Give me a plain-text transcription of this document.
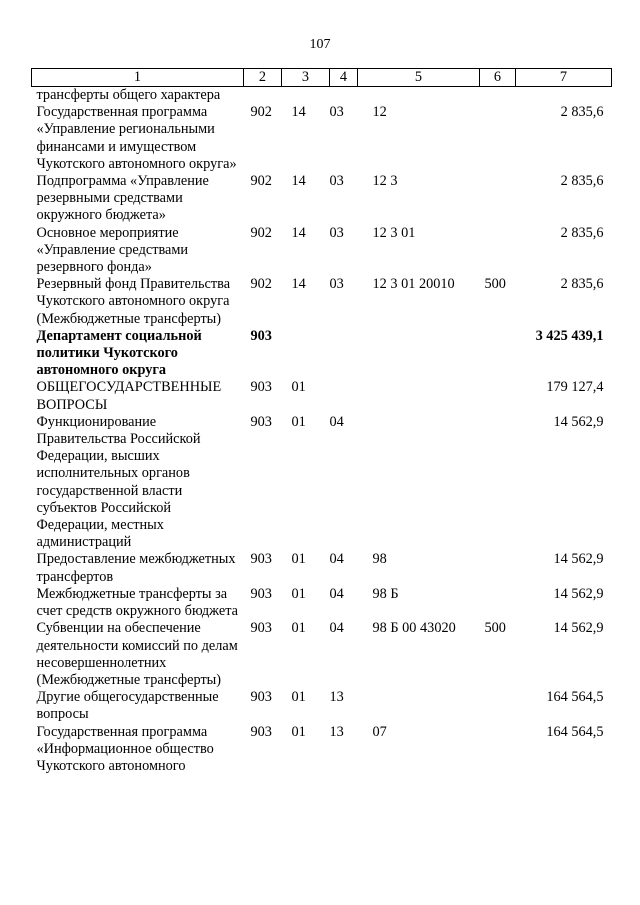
107
1	2	3	4	5	6	7
трансферты общего характера						
Государственная программа «Управление региональными финансами и имуществом Чукотского автономного округа»	902	14	03	12		2 835,6
Подпрограмма «Управление резервными средствами окружного бюджета»	902	14	03	12 3		2 835,6
Основное мероприятие «Управление средствами резервного фонда»	902	14	03	12 3 01		2 835,6
Резервный фонд Правительства Чукотского автономного округа (Межбюджетные трансферты)	902	14	03	12 3 01 20010	500	2 835,6
Департамент социальной политики Чукотского автономного округа	903					3 425 439,1
ОБЩЕГОСУДАРСТВЕННЫЕ ВОПРОСЫ	903	01				179 127,4
Функционирование Правительства Российской Федерации, высших исполнительных органов государственной власти субъектов Российской Федерации, местных администраций	903	01	04			14 562,9
Предоставление межбюджетных трансфертов	903	01	04	98		14 562,9
Межбюджетные трансферты за счет средств окружного бюджета	903	01	04	98 Б		14 562,9
Субвенции на обеспечение деятельности комиссий по делам несовершеннолетних (Межбюджетные трансферты)	903	01	04	98 Б 00 43020	500	14 562,9
Другие общегосударственные вопросы	903	01	13			164 564,5
Государственная программа «Информационное общество Чукотского автономного	903	01	13	07		164 564,5
